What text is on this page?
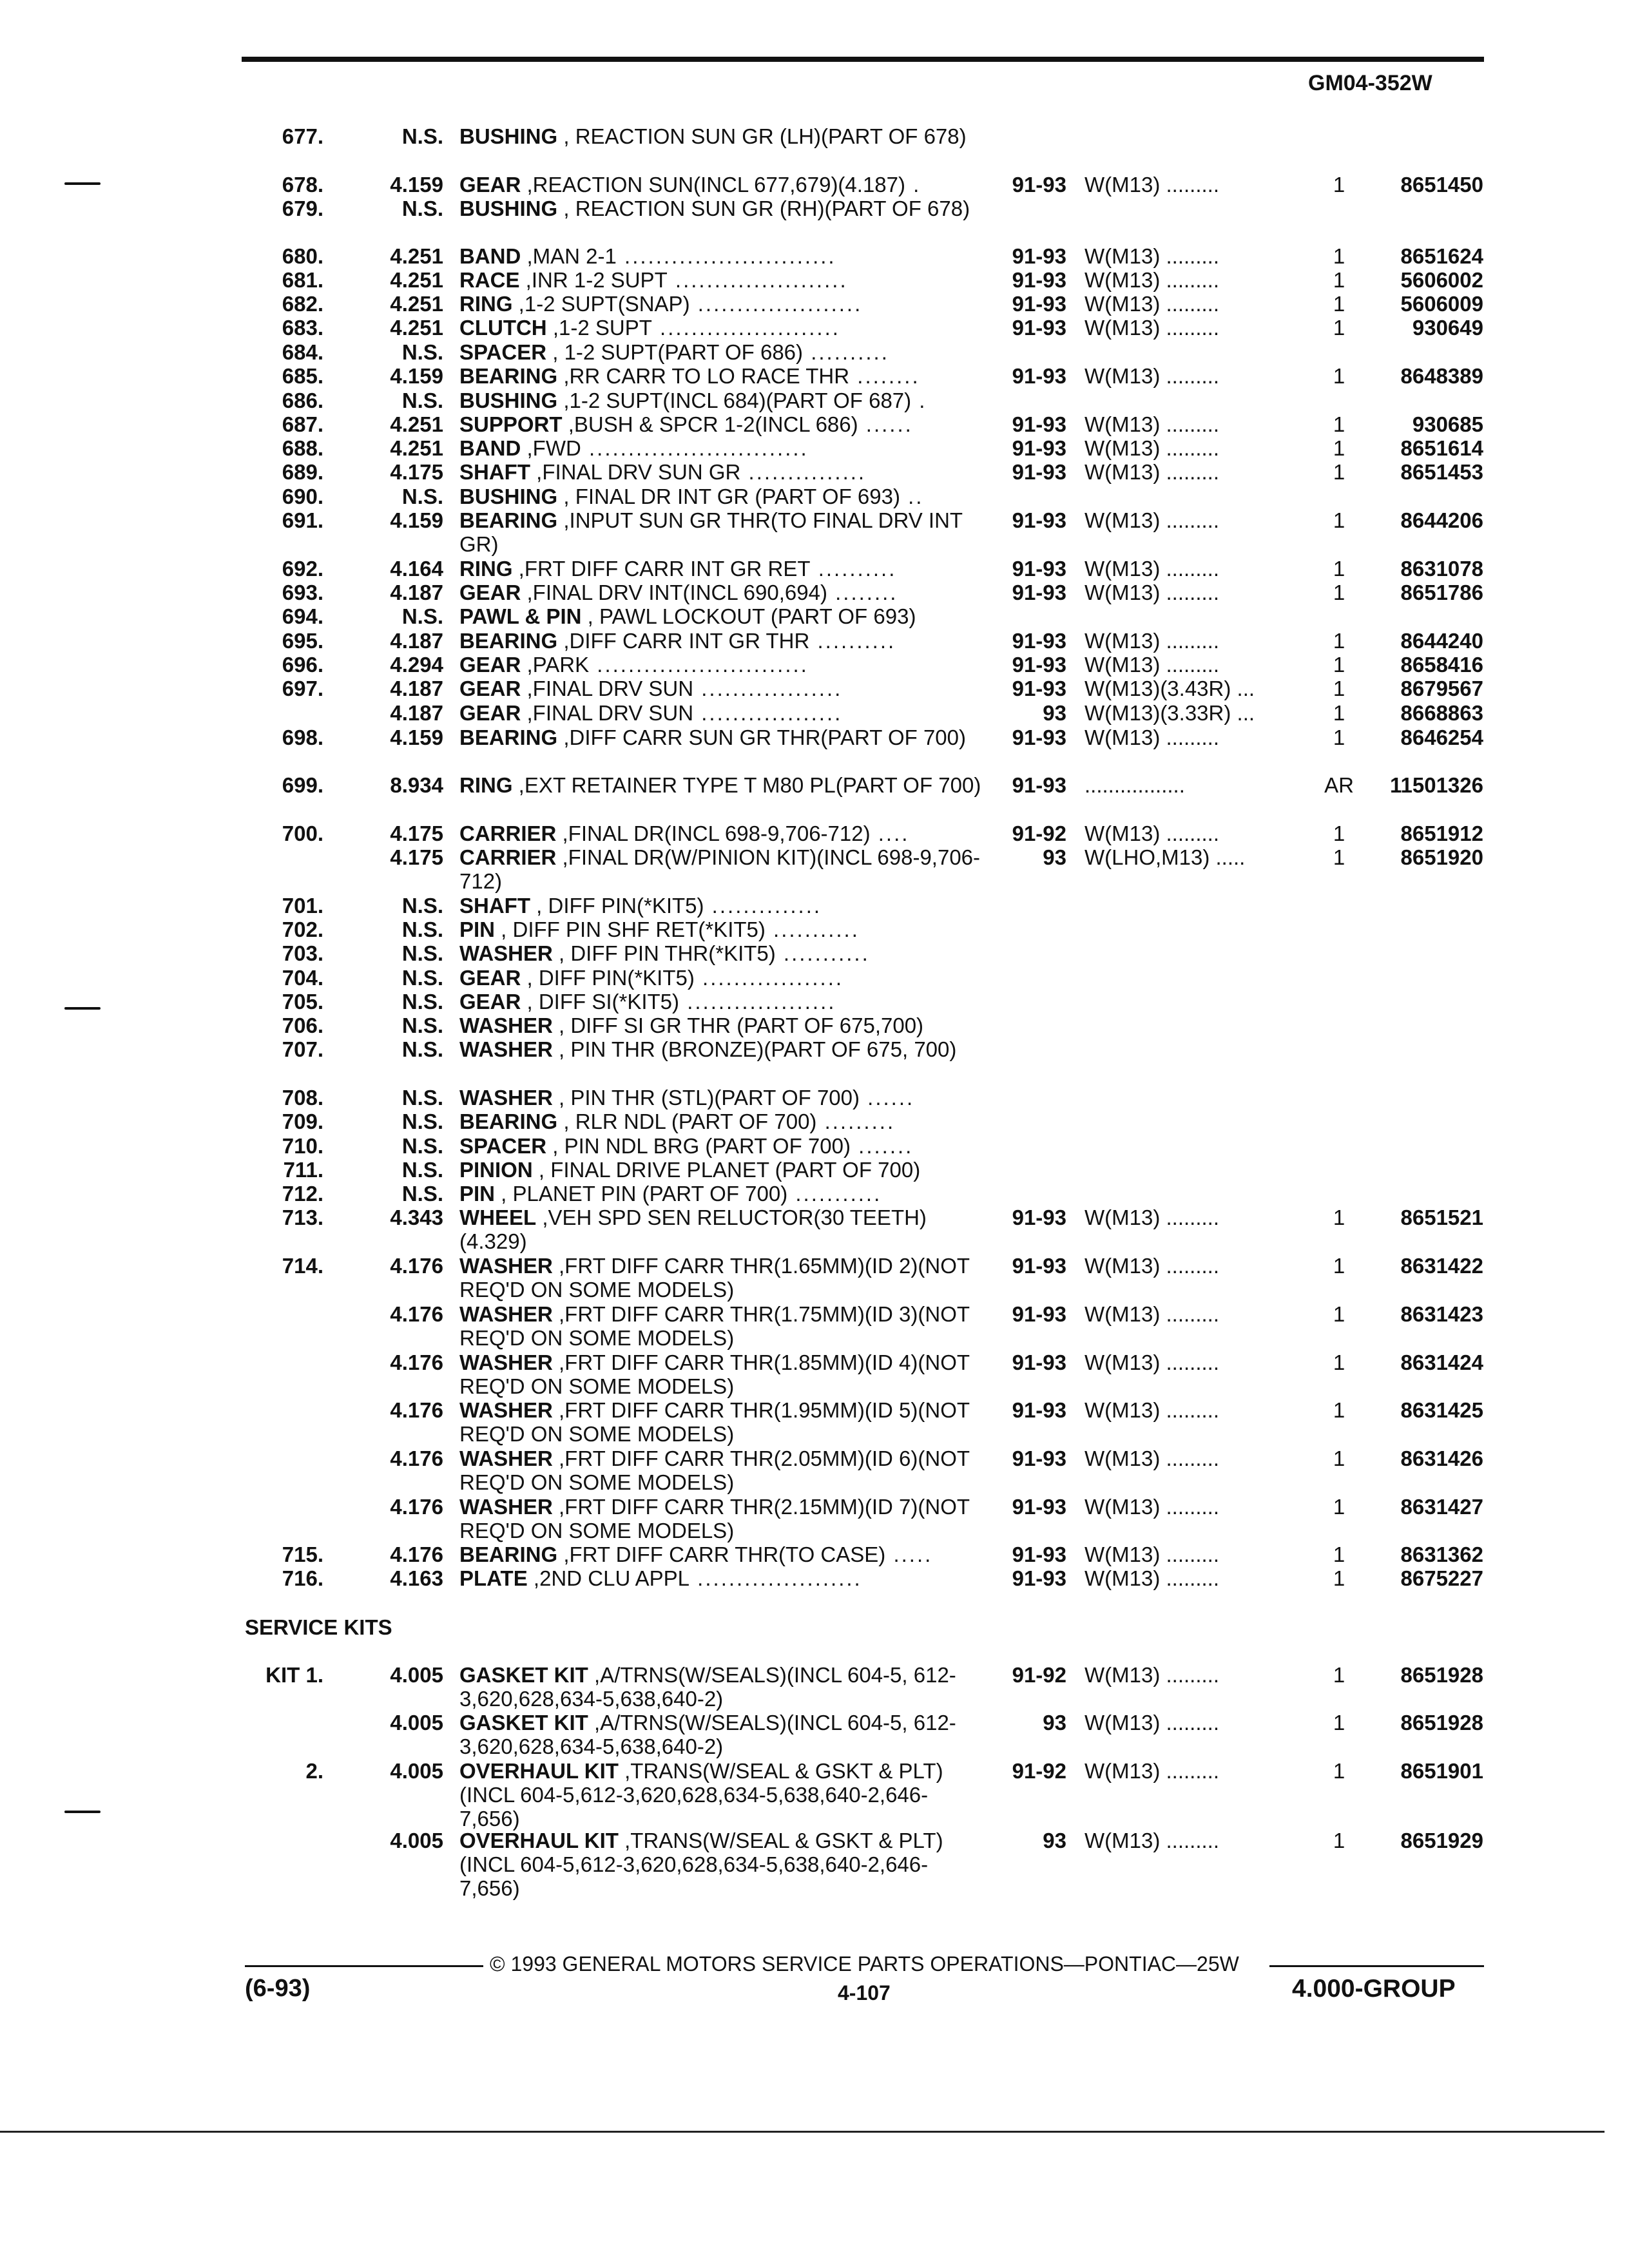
GM04-352W
677.	N.S. BUSHING , REACTION SUN GR (LH)(PART OF 678)
678.	4.159 GEAR ,REACTION SUN(INCL 677,679)(4.187) .	91-93 W(M13) .........	1	8651450
679.	N.S. BUSHING , REACTION SUN GR (RH)(PART OF 678)
680.	4.251 BAND ,MAN 2-1 ...........................	91-93 W(M13) .........	1	8651624
681.	4.251 RACE ,INR 1-2 SUPT ......................	91-93 W(M13) .........	1	5606002
682.	4.251 RING ,1-2 SUPT(SNAP) .....................	91-93 W(M13) .........	1	5606009
683.	4.251 CLUTCH ,1-2 SUPT .......................	91-93 W(M13) .........	1	930649
684.	N.S. SPACER , 1-2 SUPT(PART OF 686) ..........
685.	4.159 BEARING ,RR CARR TO LO RACE THR ........	91-93 W(M13) .........	1	8648389
686.	N.S. BUSHING ,1-2 SUPT(INCL 684)(PART OF 687) .
687.	4.251 SUPPORT ,BUSH & SPCR 1-2(INCL 686) ......	91-93 W(M13) .........	1	930685
688.	4.251 BAND ,FWD ............................	91-93 W(M13) .........	1	8651614
689.	4.175 SHAFT ,FINAL DRV SUN GR ...............	91-93 W(M13) .........	1	8651453
690.	N.S. BUSHING , FINAL DR INT GR (PART OF 693) ..
691.	4.159 BEARING ,INPUT SUN GR THR(TO FINAL DRV INT GR)
91-93 W(M13) .........	1	8644206
692.	4.164 RING ,FRT DIFF CARR INT GR RET ..........	91-93 W(M13) .........	1	8631078
693.	4.187 GEAR ,FINAL DRV INT(INCL 690,694) ........	91-93 W(M13) .........	1	8651786
694.	N.S. PAWL & PIN , PAWL LOCKOUT (PART OF 693)
695.	4.187 BEARING ,DIFF CARR INT GR THR ..........	91-93 W(M13) .........	1	8644240
696.	4.294 GEAR ,PARK ...........................	91-93 W(M13) .........	1	8658416
697.	4.187 GEAR ,FINAL DRV SUN ..................	91-93 W(M13)(3.43R) ...	1	8679567
4.187 GEAR ,FINAL DRV SUN ..................	93 W(M13)(3.33R) ...	1	8668863
698.	4.159 BEARING ,DIFF CARR SUN GR THR(PART OF 700)	91-93 W(M13) .........	1	8646254
699.	8.934 RING ,EXT RETAINER TYPE T M80 PL(PART OF 700)	91-93 .................	AR	11501326
700.	4.175 CARRIER ,FINAL DR(INCL 698-9,706-712) ....	91-92 W(M13) .........	1	8651912
4.175 CARRIER ,FINAL DR(W/PINION KIT)(INCL 698-9,706-712)
93 W(LHO,M13) .....	1	8651920
701.	N.S. SHAFT , DIFF PIN(*KIT5) ..............
702.	N.S. PIN , DIFF PIN SHF RET(*KIT5) ...........
703.	N.S. WASHER , DIFF PIN THR(*KIT5) ...........
704.	N.S. GEAR , DIFF PIN(*KIT5) ..................
705.	N.S. GEAR , DIFF SI(*KIT5) ...................
706.	N.S. WASHER , DIFF SI GR THR (PART OF 675,700)
707.	N.S. WASHER , PIN THR (BRONZE)(PART OF 675, 700)
708.	N.S. WASHER , PIN THR (STL)(PART OF 700) ......
709.	N.S. BEARING , RLR NDL (PART OF 700) .........
710.	N.S. SPACER , PIN NDL BRG (PART OF 700) .......
711.	N.S. PINION , FINAL DRIVE PLANET (PART OF 700)
712.	N.S. PIN , PLANET PIN (PART OF 700) ...........
713.	4.343 WHEEL ,VEH SPD SEN RELUCTOR(30 TEETH)(4.329)
91-93 W(M13) .........	1	8651521
714.	4.176 WASHER ,FRT DIFF CARR THR(1.65MM)(ID 2)(NOT REQ'D ON SOME MODELS)
91-93 W(M13) .........	1	8631422
4.176 WASHER ,FRT DIFF CARR THR(1.75MM)(ID 3)(NOT REQ'D ON SOME MODELS)
91-93 W(M13) .........	1	8631423
4.176 WASHER ,FRT DIFF CARR THR(1.85MM)(ID 4)(NOT REQ'D ON SOME MODELS)
91-93 W(M13) .........	1	8631424
4.176 WASHER ,FRT DIFF CARR THR(1.95MM)(ID 5)(NOT REQ'D ON SOME MODELS)
91-93 W(M13) .........	1	8631425
4.176 WASHER ,FRT DIFF CARR THR(2.05MM)(ID 6)(NOT REQ'D ON SOME MODELS)
91-93 W(M13) .........	1	8631426
4.176 WASHER ,FRT DIFF CARR THR(2.15MM)(ID 7)(NOT REQ'D ON SOME MODELS)
91-93 W(M13) .........	1	8631427
715.	4.176 BEARING ,FRT DIFF CARR THR(TO CASE) .....	91-93 W(M13) .........	1	8631362
716.	4.163 PLATE ,2ND CLU APPL .....................	91-93 W(M13) .........	1	8675227
KIT 1.	4.005 GASKET KIT ,A/TRNS(W/SEALS)(INCL 604-5, 612-3,620,628,634-5,638,640-2)
91-92 W(M13) .........	1	8651928
4.005 GASKET KIT ,A/TRNS(W/SEALS)(INCL 604-5, 612-3,620,628,634-5,638,640-2)
93 W(M13) .........	1	8651928
2.	4.005 OVERHAUL KIT ,TRANS(W/SEAL & GSKT & PLT)(INCL 604-5,612-3,620,628,634-5,638,640-2,646-7,656)
91-92 W(M13) .........	1	8651901
4.005 OVERHAUL KIT ,TRANS(W/SEAL & GSKT & PLT)(INCL 604-5,612-3,620,628,634-5,638,640-2,646-7,656)
93 W(M13) .........	1	8651929
SERVICE KITS
© 1993 GENERAL MOTORS SERVICE PARTS OPERATIONS—PONTIAC—25W
(6-93)	4-107	4.000-GROUP
